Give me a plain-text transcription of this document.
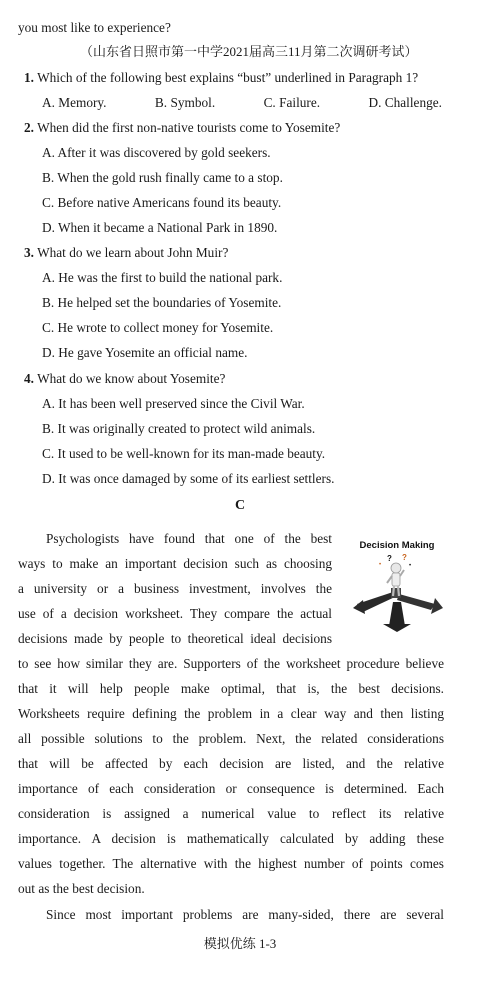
you most like to experience?
（山东省日照市第一中学2021届高三11月第二次调研考试）
1. Which of the following best explains “bust” underlined in Paragraph 1?
A. Memory.	B. Symbol.	C. Failure.	D. Challenge.
2. When did the first non-native tourists come to Yosemite?
A. After it was discovered by gold seekers.
B. When the gold rush finally came to a stop.
C. Before native Americans found its beauty.
D. When it became a National Park in 1890.
3. What do we learn about John Muir?
A. He was the first to build the national park.
B. He helped set the boundaries of Yosemite.
C. He wrote to collect money for Yosemite.
D. He gave Yosemite an official name.
4. What do we know about Yosemite?
A. It has been well preserved since the Civil War.
B. It was originally created to protect wild animals.
C. It used to be well-known for its man-made beauty.
D. It was once damaged by some of its earliest settlers.
C
Decision Making
? ?
•	•
Psychologists have found that one of the best
ways to make an important decision such as choosing
a university or a business investment, involves the
use of a decision worksheet. They compare the actual
decisions made by people to theoretical ideal decisions
to see how similar they are. Supporters of the worksheet procedure believe
that it will help people make optimal, that is, the best decisions.
Worksheets require defining the problem in a clear way and then listing
all possible solutions to the problem. Next, the related considerations
that will be affected by each decision are listed, and the relative
importance of each consideration or consequence is determined. Each
consideration is assigned a numerical value to reflect its relative
importance. A decision is mathematically calculated by adding these
values together. The alternative with the highest number of points comes
out as the best decision.
Since most important problems are many-sided, there are several
模拟优练 1-3
